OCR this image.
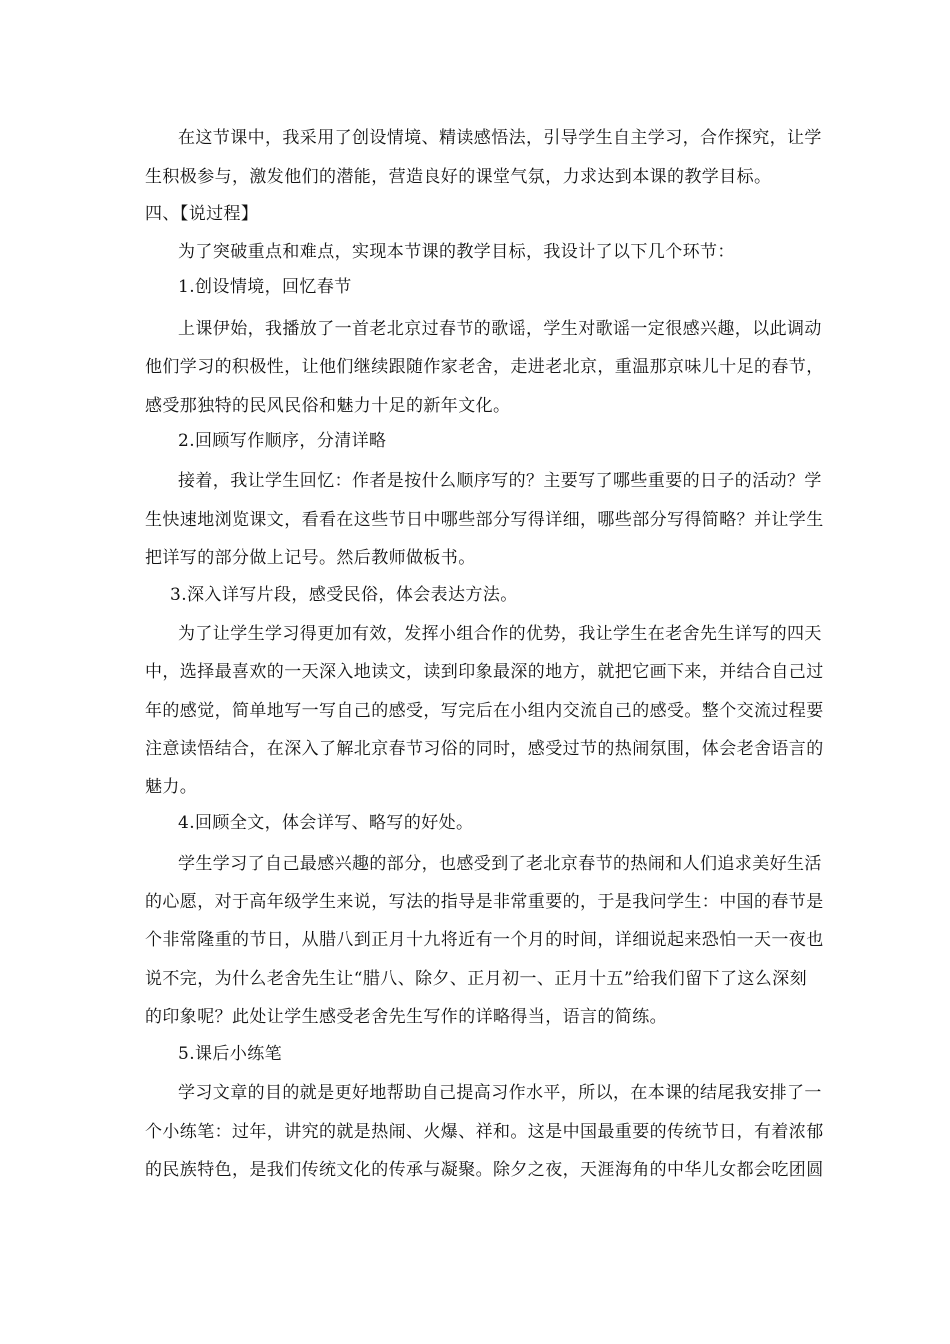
在这节课中，我采用了创设情境、精读感悟法，引导学生自主学习，合作探究，让学
生积极参与，激发他们的潜能，营造良好的课堂气氛，力求达到本课的教学目标。
四、【说过程】
为了突破重点和难点，实现本节课的教学目标，我设计了以下几个环节：
1.创设情境，回忆春节
上课伊始，我播放了一首老北京过春节的歌谣，学生对歌谣一定很感兴趣，以此调动
他们学习的积极性，让他们继续跟随作家老舍，走进老北京，重温那京味儿十足的春节，
感受那独特的民风民俗和魅力十足的新年文化。
2.回顾写作顺序，分清详略
接着，我让学生回忆：作者是按什么顺序写的？主要写了哪些重要的日子的活动？学
生快速地浏览课文，看看在这些节日中哪些部分写得详细，哪些部分写得简略？并让学生
把详写的部分做上记号。然后教师做板书。
3.深入详写片段，感受民俗，体会表达方法。
为了让学生学习得更加有效，发挥小组合作的优势，我让学生在老舍先生详写的四天
中，选择最喜欢的一天深入地读文，读到印象最深的地方，就把它画下来，并结合自己过
年的感觉，简单地写一写自己的感受，写完后在小组内交流自己的感受。整个交流过程要
注意读悟结合，在深入了解北京春节习俗的同时，感受过节的热闹氛围，体会老舍语言的
魅力。
4.回顾全文，体会详写、略写的好处。
学生学习了自己最感兴趣的部分，也感受到了老北京春节的热闹和人们追求美好生活
的心愿，对于高年级学生来说，写法的指导是非常重要的，于是我问学生：中国的春节是
个非常隆重的节日，从腊八到正月十九将近有一个月的时间，详细说起来恐怕一天一夜也
说不完，为什么老舍先生让“腊八、除夕、正月初一、正月十五”给我们留下了这么深刻
的印象呢？此处让学生感受老舍先生写作的详略得当，语言的简练。
5.课后小练笔
学习文章的目的就是更好地帮助自己提高习作水平，所以，在本课的结尾我安排了一
个小练笔：过年，讲究的就是热闹、火爆、祥和。这是中国最重要的传统节日，有着浓郁
的民族特色，是我们传统文化的传承与凝聚。除夕之夜，天涯海角的中华儿女都会吃团圆
